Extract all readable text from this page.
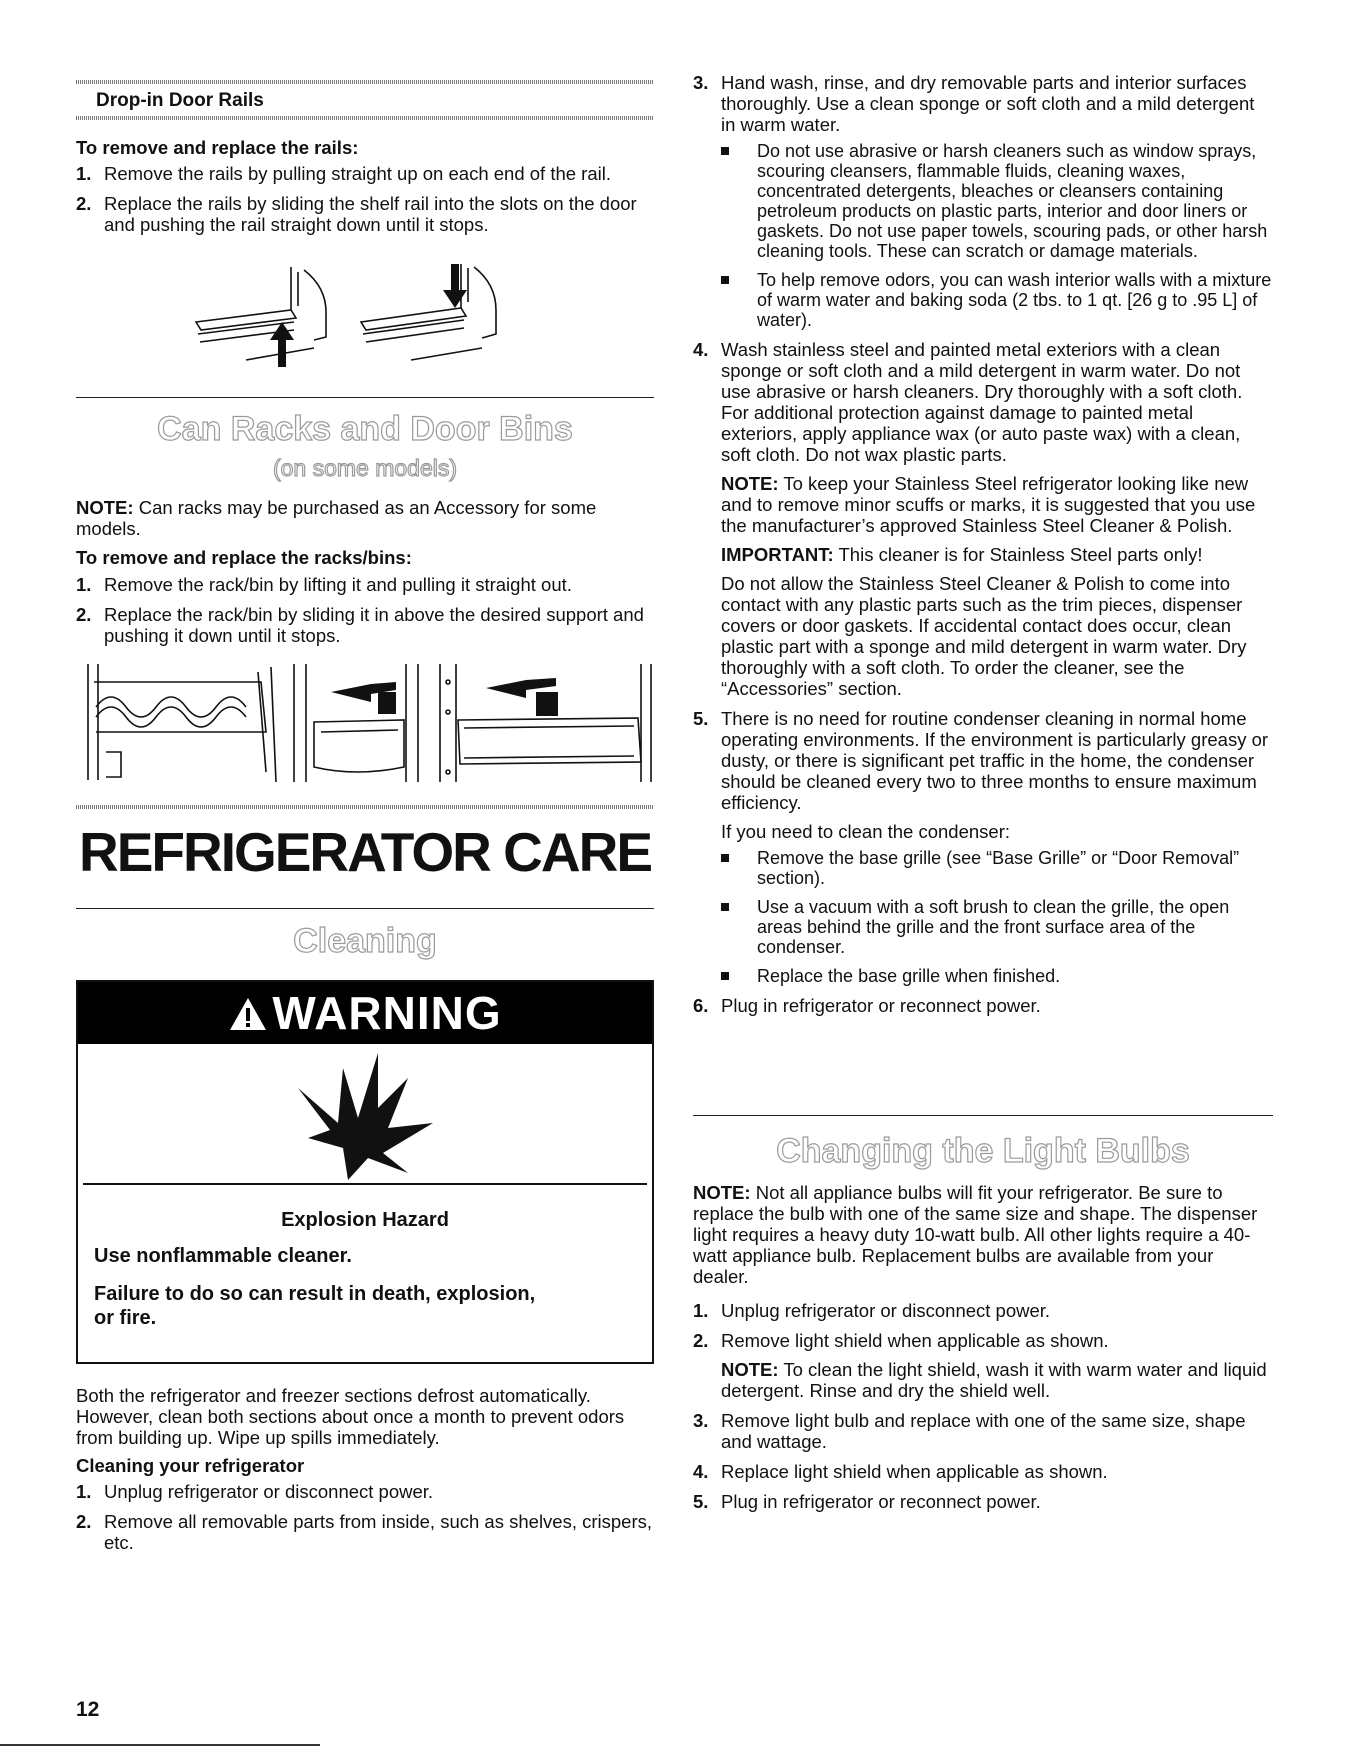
Drop-in Door Rails
To remove and replace the rails:
1. Remove the rails by pulling straight up on each end of the rail.
2. Replace the rails by sliding the shelf rail into the slots on the door and pushing the rail straight down until it stops.
Can Racks and Door Bins
(on some models)
NOTE: Can racks may be purchased as an Accessory for some models.
To remove and replace the racks/bins:
1. Remove the rack/bin by lifting it and pulling it straight out.
2. Replace the rack/bin by sliding it in above the desired support and pushing it down until it stops.
REFRIGERATOR CARE
Cleaning
WARNING
Explosion Hazard
Use nonflammable cleaner.
Failure to do so can result in death, explosion, or fire.
Both the refrigerator and freezer sections defrost automatically. However, clean both sections about once a month to prevent odors from building up. Wipe up spills immediately.
Cleaning your refrigerator
1. Unplug refrigerator or disconnect power.
2. Remove all removable parts from inside, such as shelves, crispers, etc.
12
3. Hand wash, rinse, and dry removable parts and interior surfaces thoroughly. Use a clean sponge or soft cloth and a mild detergent in warm water.
Do not use abrasive or harsh cleaners such as window sprays, scouring cleansers, flammable fluids, cleaning waxes, concentrated detergents, bleaches or cleansers containing petroleum products on plastic parts, interior and door liners or gaskets. Do not use paper towels, scouring pads, or other harsh cleaning tools. These can scratch or damage materials.
To help remove odors, you can wash interior walls with a mixture of warm water and baking soda (2 tbs. to 1 qt. [26 g to .95 L] of water).
4. Wash stainless steel and painted metal exteriors with a clean sponge or soft cloth and a mild detergent in warm water. Do not use abrasive or harsh cleaners. Dry thoroughly with a soft cloth. For additional protection against damage to painted metal exteriors, apply appliance wax (or auto paste wax) with a clean, soft cloth. Do not wax plastic parts.

NOTE: To keep your Stainless Steel refrigerator looking like new and to remove minor scuffs or marks, it is suggested that you use the manufacturer’s approved Stainless Steel Cleaner & Polish.

IMPORTANT: This cleaner is for Stainless Steel parts only!

Do not allow the Stainless Steel Cleaner & Polish to come into contact with any plastic parts such as the trim pieces, dispenser covers or door gaskets. If accidental contact does occur, clean plastic part with a sponge and mild detergent in warm water. Dry thoroughly with a soft cloth. To order the cleaner, see the “Accessories” section.

5. There is no need for routine condenser cleaning in normal home operating environments. If the environment is particularly greasy or dusty, or there is significant pet traffic in the home, the condenser should be cleaned every two to three months to ensure maximum efficiency.

If you need to clean the condenser:

Remove the base grille (see “Base Grille” or “Door Removal” section).
Use a vacuum with a soft brush to clean the grille, the open areas behind the grille and the front surface area of the condenser.
Replace the base grille when finished.
6. Plug in refrigerator or reconnect power.
Changing the Light Bulbs
NOTE: Not all appliance bulbs will fit your refrigerator. Be sure to replace the bulb with one of the same size and shape. The dispenser light requires a heavy duty 10-watt bulb. All other lights require a 40-watt appliance bulb. Replacement bulbs are available from your dealer.
1. Unplug refrigerator or disconnect power.
2. Remove light shield when applicable as shown.

NOTE: To clean the light shield, wash it with warm water and liquid detergent. Rinse and dry the shield well.

3. Remove light bulb and replace with one of the same size, shape and wattage.
4. Replace light shield when applicable as shown.
5. Plug in refrigerator or reconnect power.
